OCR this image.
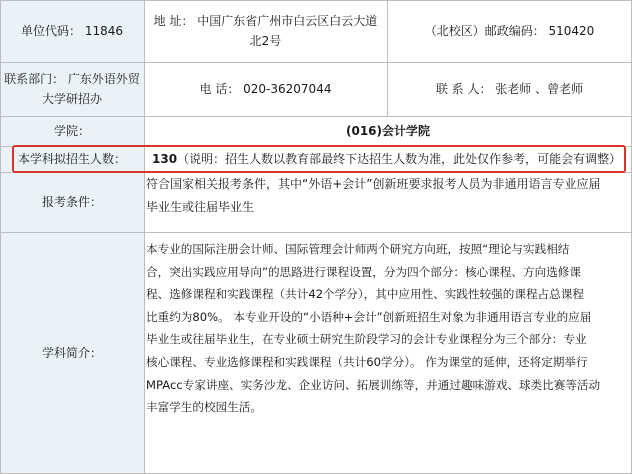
单位代码： 11846
地 址： 中国广东省广州市白云区白云大道
北2号
（北校区）邮政编码： 510420
联系部门： 广东外语外贸
大学研招办
电 话： 020-36207044	联 系 人： 张老师 、曾老师
学院：	(016)会计学院
本学科拟招生人数： 130 （说明：招生人数以教育部最终下达招生人数为准，此处仅作参考，可能会有调整）
报考条件：
符合国家相关报考条件，其中“外语+会计”创新班要求报考人员为非通用语言专业应届
毕业生或往届毕业生
学科简介：
本专业的国际注册会计师、国际管理会计师两个研究方向班，按照“理论与实践相结
合，突出实践应用导向”的思路进行课程设置，分为四个部分：核心课程、方向选修课
程、选修课程和实践课程（共计42个学分），其中应用性、实践性较强的课程占总课程
比重约为80%。 本专业开设的“小语种+会计”创新班招生对象为非通用语言专业的应届
毕业生或往届毕业生，在专业硕士研究生阶段学习的会计专业课程分为三个部分：专业
核心课程、专业选修课程和实践课程（共计60学分）。 作为课堂的延伸，还将定期举行
MPAcc专家讲座、实务沙龙、企业访问、拓展训练等，并通过趣味游戏、球类比赛等活动
丰富学生的校园生活。
